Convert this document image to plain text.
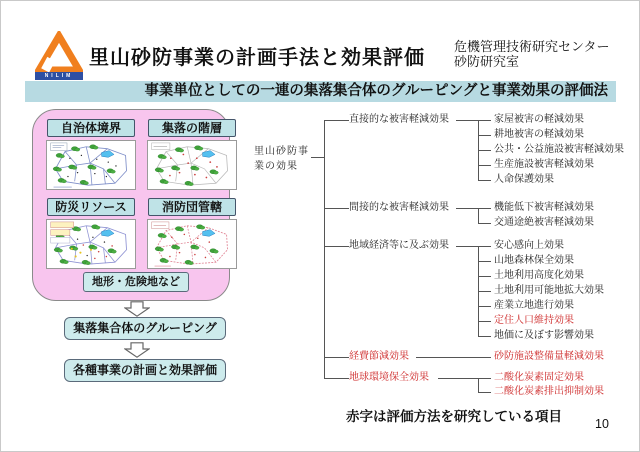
NILIM
里山砂防事業の計画手法と効果評価
危機管理技術研究センター
砂防研究室
事業単位としての一連の集落集合体のグルーピングと事業効果の評価法
自治体境界	集落の階層
防災リソース	消防団管轄
地形・危険地など
集落集合体のグルーピング
各種事業の計画と効果評価
里山砂防事
業の効果
直接的な被害軽減効果
間接的な被害軽減効果
地域経済等に及ぶ効果
経費節減効果
地球環境保全効果
家屋被害の軽減効果
耕地被害の軽減効果
公共・公益施設被害軽減効果
生産施設被害軽減効果
人命保護効果
機能低下被害軽減効果
交通途絶被害軽減効果
安心感向上効果
山地森林保全効果
土地利用高度化効果
土地利用可能地拡大効果
産業立地進行効果
定住人口維持効果
地価に及ぼす影響効果
砂防施設整備量軽減効果
二酸化炭素固定効果
二酸化炭素排出抑制効果
赤字は評価方法を研究している項目	10
